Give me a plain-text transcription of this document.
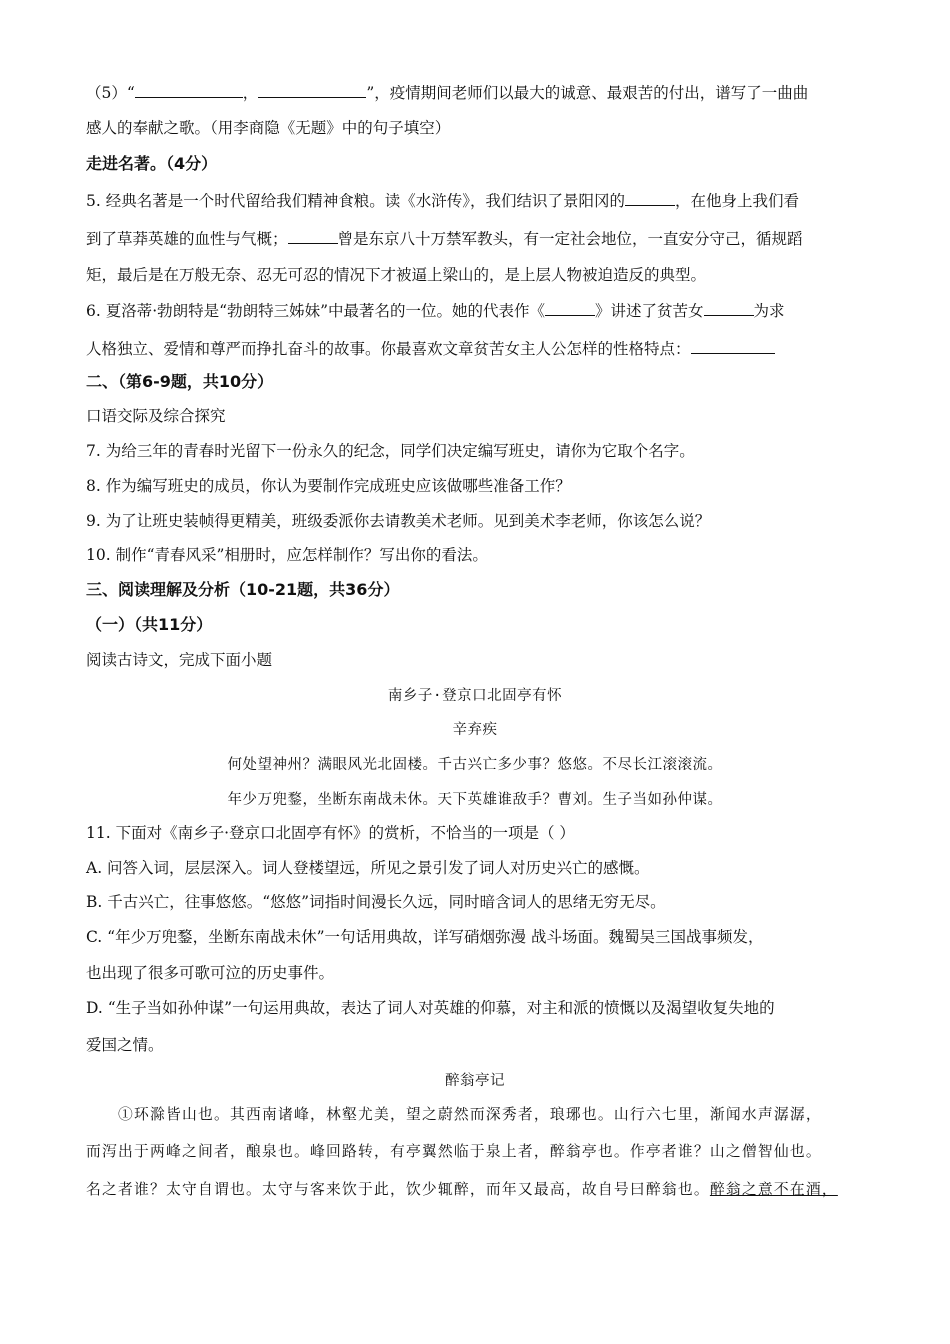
（5）“	，	”，疫情期间老师们以最大的诚意、最艰苦的付出，谱写了一曲曲
感人的奉献之歌。（用李商隐《无题》中的句子填空）
走进名著。（4分）
5. 经典名著是一个时代留给我们精神食粮。读《水浒传》，我们结识了景阳冈的	，在他身上我们看
到了草莽英雄的血性与气概；	曾是东京八十万禁军教头，有一定社会地位，一直安分守己，循规蹈
矩，最后是在万般无奈、忍无可忍的情况下才被逼上梁山的，是上层人物被迫造反的典型。
6. 夏洛蒂·勃朗特是“勃朗特三姊妹”中最著名的一位。她的代表作《	》讲述了贫苦女	为求
人格独立、爱情和尊严而挣扎奋斗的故事。你最喜欢文章贫苦女主人公怎样的性格特点：
二、（第6-9题，共10分）
口语交际及综合探究
7. 为给三年的青春时光留下一份永久的纪念，同学们决定编写班史，请你为它取个名字。
8. 作为编写班史的成员，你认为要制作完成班史应该做哪些准备工作？
9. 为了让班史装帧得更精美，班级委派你去请教美术老师。见到美术李老师，你该怎么说？
10. 制作“青春风采”相册时，应怎样制作？写出你的看法。
三、阅读理解及分析（10-21题，共36分）
（一）（共11分）
阅读古诗文，完成下面小题
南乡子·登京口北固亭有怀
辛弃疾
何处望神州？满眼风光北固楼。千古兴亡多少事？悠悠。不尽长江滚滚流。
年少万兜鍪，坐断东南战未休。天下英雄谁敌手？曹刘。生子当如孙仲谋。
11. 下面对《南乡子·登京口北固亭有怀》的赏析，不恰当的一项是（ ）
A. 问答入词，层层深入。词人登楼望远，所见之景引发了词人对历史兴亡的感慨。
B. 千古兴亡，往事悠悠。“悠悠”词指时间漫长久远，同时暗含词人的思绪无穷无尽。
C. “年少万兜鍪，坐断东南战未休”一句话用典故，详写硝烟弥漫 战斗场面。魏蜀吴三国战事频发，
也出现了很多可歌可泣的历史事件。
D. “生子当如孙仲谋”一句运用典故，表达了词人对英雄的仰慕，对主和派的愤慨以及渴望收复失地的
爱国之情。
醉翁亭记
①环滁皆山也。其西南诸峰，林壑尤美，望之蔚然而深秀者，琅琊也。山行六七里，渐闻水声潺潺，
而泻出于两峰之间者，酿泉也。峰回路转，有亭翼然临于泉上者，醉翁亭也。作亭者谁？山之僧智仙也。
名之者谁？太守自谓也。太守与客来饮于此，饮少辄醉，而年又最高，故自号曰醉翁也。醉翁之意不在酒，
